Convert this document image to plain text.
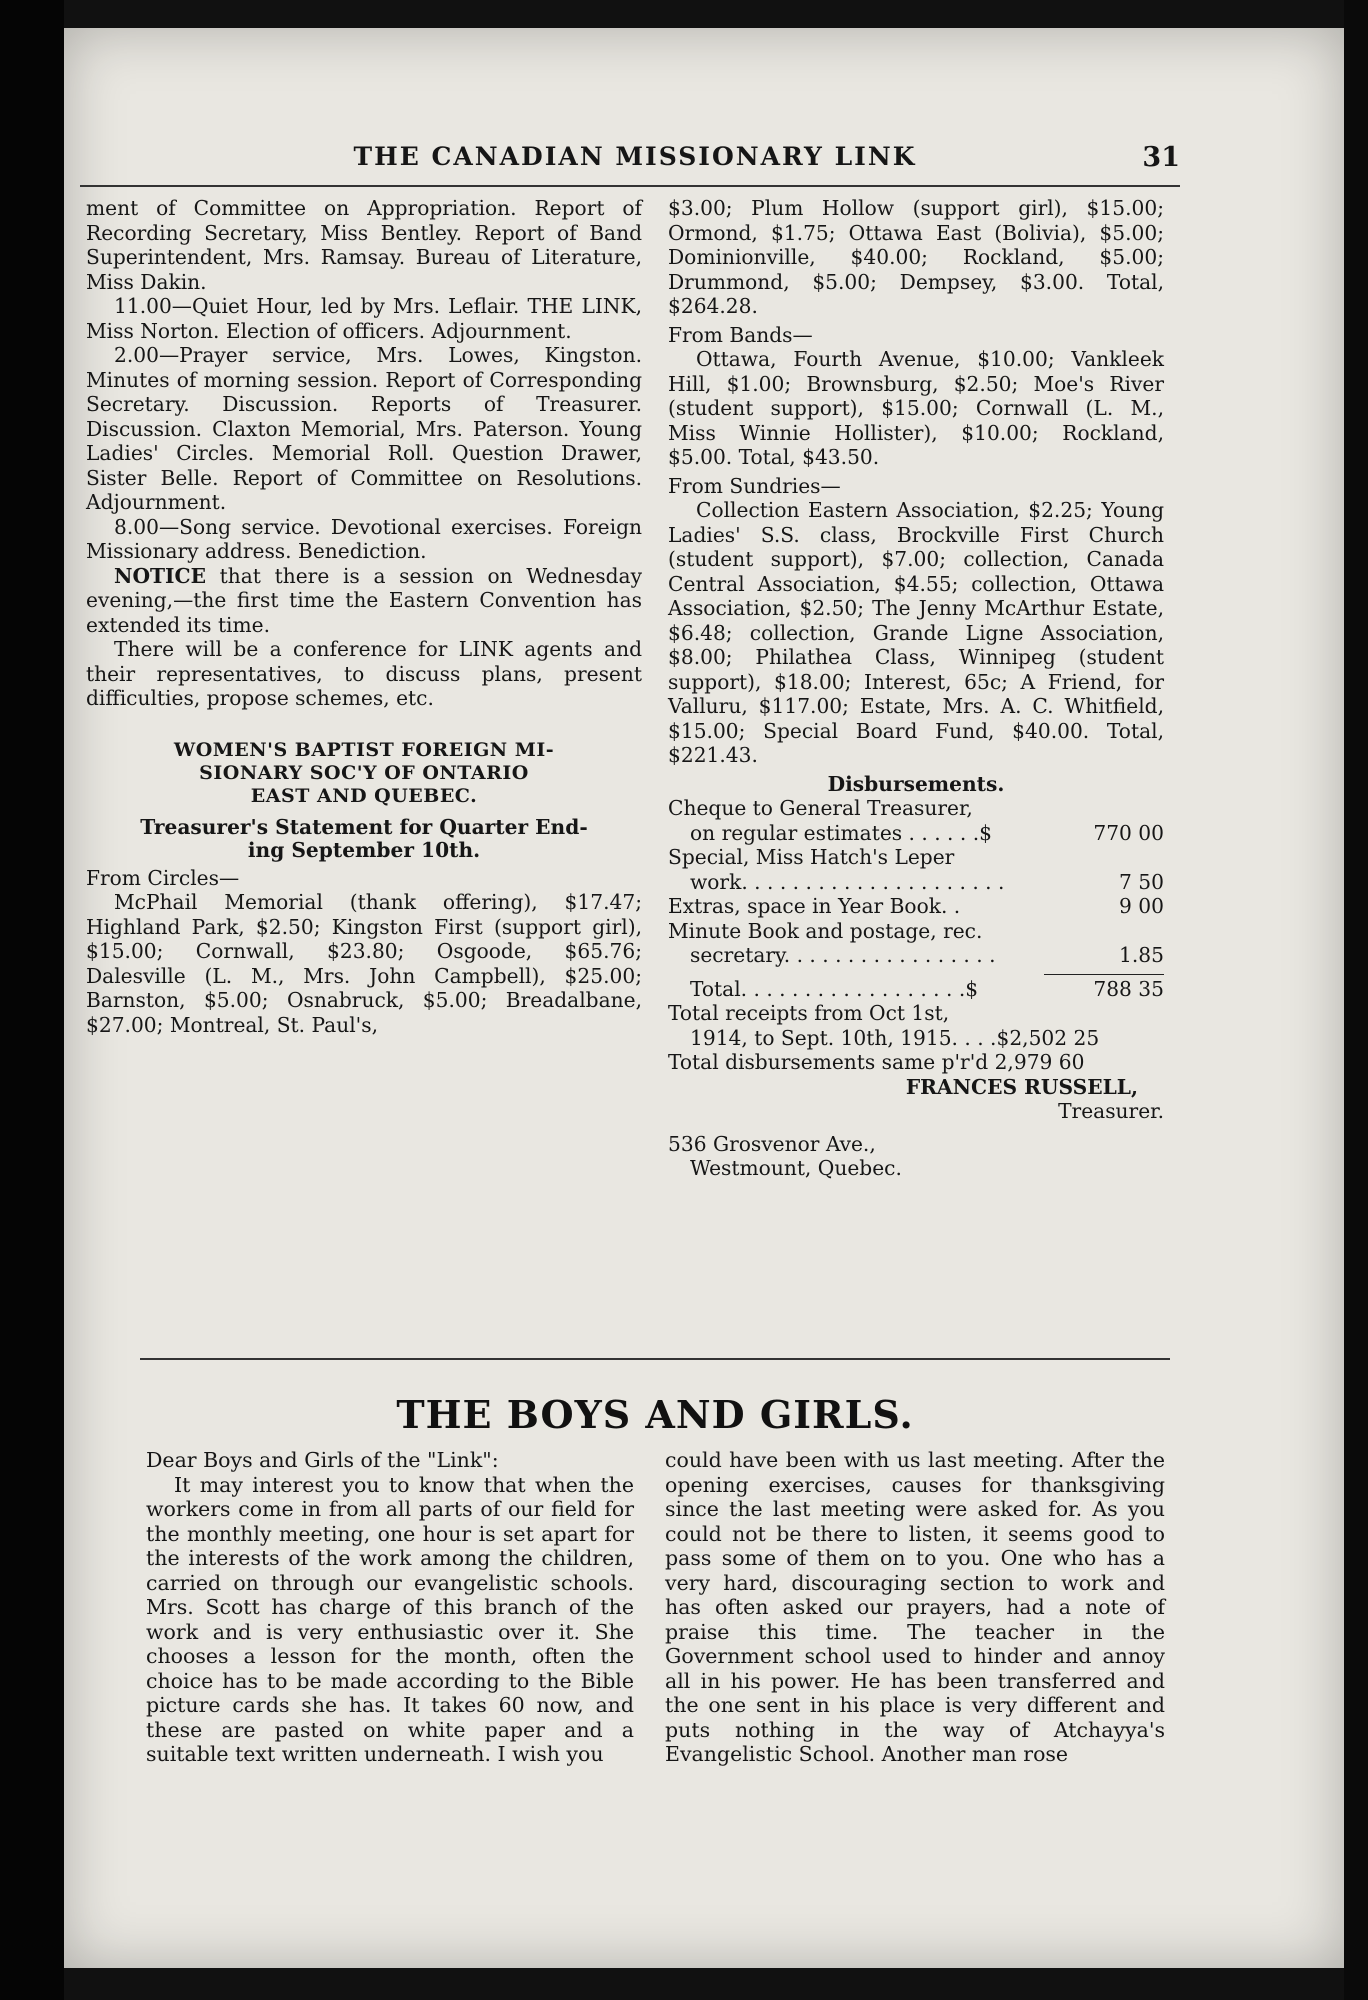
THE CANADIAN MISSIONARY LINK	31

ment of Committee on Appropriation. Report of Recording Secretary, Miss Bentley. Report of Band Superintendent, Mrs. Ramsay. Bureau of Literature, Miss Dakin.

11.00—Quiet Hour, led by Mrs. Leflair. THE LINK, Miss Norton. Election of officers. Adjournment.

2.00—Prayer service, Mrs. Lowes, Kingston. Minutes of morning session. Report of Corresponding Secretary. Discussion. Reports of Treasurer. Discussion. Claxton Memorial, Mrs. Paterson. Young Ladies' Circles. Memorial Roll. Question Drawer, Sister Belle. Report of Committee on Resolutions. Adjournment.

8.00—Song service. Devotional exercises. Foreign Missionary address. Benediction.

NOTICE that there is a session on Wednesday evening,—the first time the Eastern Convention has extended its time.

There will be a conference for LINK agents and their representatives, to discuss plans, present difficulties, propose schemes, etc.

WOMEN'S BAPTIST FOREIGN MI-
SIONARY SOC'Y OF ONTARIO
EAST AND QUEBEC.
Treasurer's Statement for Quarter End-
ing September 10th.

From Circles—

McPhail Memorial (thank offering), $17.47; Highland Park, $2.50; Kingston First (support girl), $15.00; Cornwall, $23.80; Osgoode, $65.76; Dalesville (L. M., Mrs. John Campbell), $25.00; Barnston, $5.00; Osnabruck, $5.00; Breadalbane, $27.00; Montreal, St. Paul's,

$3.00; Plum Hollow (support girl), $15.00; Ormond, $1.75; Ottawa East (Bolivia), $5.00; Dominionville, $40.00; Rockland, $5.00; Drummond, $5.00; Dempsey, $3.00. Total, $264.28.

From Bands—

Ottawa, Fourth Avenue, $10.00; Vankleek Hill, $1.00; Brownsburg, $2.50; Moe's River (student support), $15.00; Cornwall (L. M., Miss Winnie Hollister), $10.00; Rockland, $5.00. Total, $43.50.

From Sundries—

Collection Eastern Association, $2.25; Young Ladies' S.S. class, Brockville First Church (student support), $7.00; collection, Canada Central Association, $4.55; collection, Ottawa Association, $2.50; The Jenny McArthur Estate, $6.48; collection, Grande Ligne Association, $8.00; Philathea Class, Winnipeg (student support), $18.00; Interest, 65c; A Friend, for Valluru, $117.00; Estate, Mrs. A. C. Whitfield, $15.00; Special Board Fund, $40.00. Total, $221.43.

Disbursements.

Cheque to General Treasurer,
on regular estimates . . . . . .$	770 00
Special, Miss Hatch's Leper
work. . . . . . . . . . . . . . . . . . . . .	7 50
Extras, space in Year Book. .	9 00
Minute Book and postage, rec.
secretary. . . . . . . . . . . . . . . . .	1.85
Total. . . . . . . . . . . . . . . . . .$	788 35
Total receipts from Oct 1st,
1914, to Sept. 10th, 1915. . . .$2,502 25
Total disbursements same p'r'd 2,979 60
FRANCES RUSSELL,
Treasurer.
536 Grosvenor Ave.,
Westmount, Quebec.
THE BOYS AND GIRLS.

Dear Boys and Girls of the "Link":

It may interest you to know that when the workers come in from all parts of our field for the monthly meeting, one hour is set apart for the interests of the work among the children, carried on through our evangelistic schools. Mrs. Scott has charge of this branch of the work and is very enthusiastic over it. She chooses a lesson for the month, often the choice has to be made according to the Bible picture cards she has. It takes 60 now, and these are pasted on white paper and a suitable text written underneath. I wish you

could have been with us last meeting. After the opening exercises, causes for thanksgiving since the last meeting were asked for. As you could not be there to listen, it seems good to pass some of them on to you. One who has a very hard, discouraging section to work and has often asked our prayers, had a note of praise this time. The teacher in the Government school used to hinder and annoy all in his power. He has been transferred and the one sent in his place is very different and puts nothing in the way of Atchayya's Evangelistic School. Another man rose
